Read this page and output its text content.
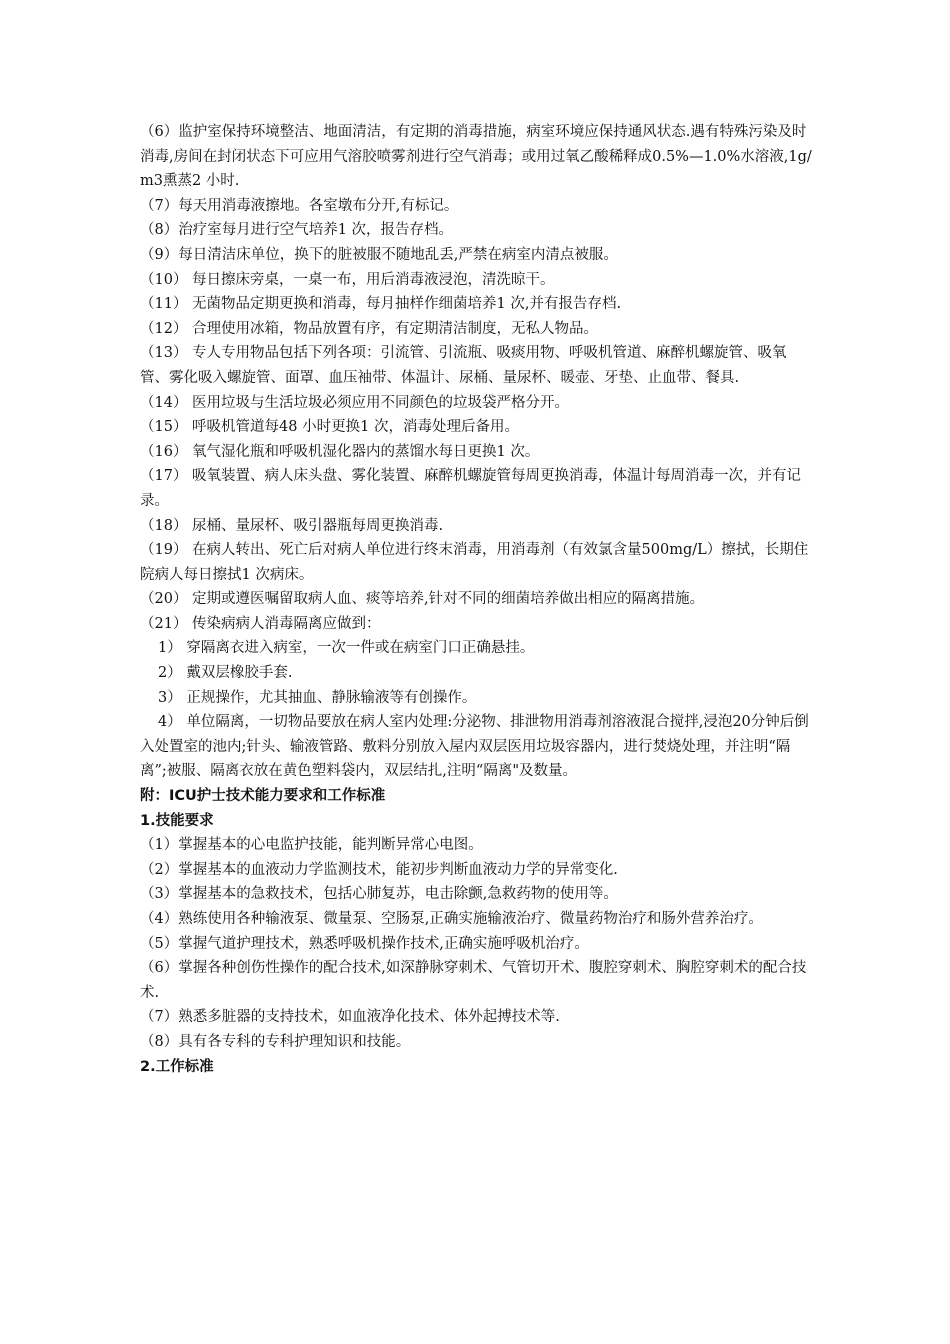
（6）监护室保持环境整洁、地面清洁，有定期的消毒措施，病室环境应保持通风状态.遇有特殊污染及时消毒,房间在封闭状态下可应用气溶胶喷雾剂进行空气消毒；或用过氧乙酸稀释成0.5%—1.0%水溶液,1g/m3熏蒸2 小时.

（7）每天用消毒液擦地。各室墩布分开,有标记。

（8）治疗室每月进行空气培养1 次，报告存档。

（9）每日清洁床单位，换下的脏被服不随地乱丢,严禁在病室内清点被服。

（10） 每日擦床旁桌，一桌一布，用后消毒液浸泡，清洗晾干。

（11） 无菌物品定期更换和消毒，每月抽样作细菌培养1 次,并有报告存档.

（12） 合理使用冰箱，物品放置有序，有定期清洁制度，无私人物品。

（13） 专人专用物品包括下列各项：引流管、引流瓶、吸痰用物、呼吸机管道、麻醉机螺旋管、吸氧管、雾化吸入螺旋管、面罩、血压袖带、体温计、尿桶、量尿杯、暖壶、牙垫、止血带、餐具.

（14） 医用垃圾与生活垃圾必须应用不同颜色的垃圾袋严格分开。

（15） 呼吸机管道每48 小时更换1 次，消毒处理后备用。

（16） 氧气湿化瓶和呼吸机湿化器内的蒸馏水每日更换1 次。

（17） 吸氧装置、病人床头盘、雾化装置、麻醉机螺旋管每周更换消毒，体温计每周消毒一次，并有记录。

（18） 尿桶、量尿杯、吸引器瓶每周更换消毒.

（19） 在病人转出、死亡后对病人单位进行终末消毒，用消毒剂（有效氯含量500mg/L）擦拭，长期住院病人每日擦拭1 次病床。

（20） 定期或遵医嘱留取病人血、痰等培养,针对不同的细菌培养做出相应的隔离措施。

（21） 传染病病人消毒隔离应做到：

1） 穿隔离衣进入病室，一次一件或在病室门口正确悬挂。

2） 戴双层橡胶手套.

3） 正规操作，尤其抽血、静脉输液等有创操作。

4） 单位隔离，一切物品要放在病人室内处理:分泌物、排泄物用消毒剂溶液混合搅拌,浸泡20分钟后倒入处置室的池内;针头、输液管路、敷料分别放入屋内双层医用垃圾容器内，进行焚烧处理，并注明“隔离”;被服、隔离衣放在黄色塑料袋内，双层结扎,注明“隔离"及数量。

附：ICU护士技术能力要求和工作标准

1.技能要求

（1）掌握基本的心电监护技能，能判断异常心电图。

（2）掌握基本的血液动力学监测技术，能初步判断血液动力学的异常变化.

（3）掌握基本的急救技术，包括心肺复苏，电击除颤,急救药物的使用等。

（4）熟练使用各种输液泵、微量泵、空肠泵,正确实施输液治疗、微量药物治疗和肠外营养治疗。

（5）掌握气道护理技术，熟悉呼吸机操作技术,正确实施呼吸机治疗。

（6）掌握各种创伤性操作的配合技术,如深静脉穿刺术、气管切开术、腹腔穿刺术、胸腔穿刺术的配合技术.

（7）熟悉多脏器的支持技术，如血液净化技术、体外起搏技术等.

（8）具有各专科的专科护理知识和技能。

2.工作标准
